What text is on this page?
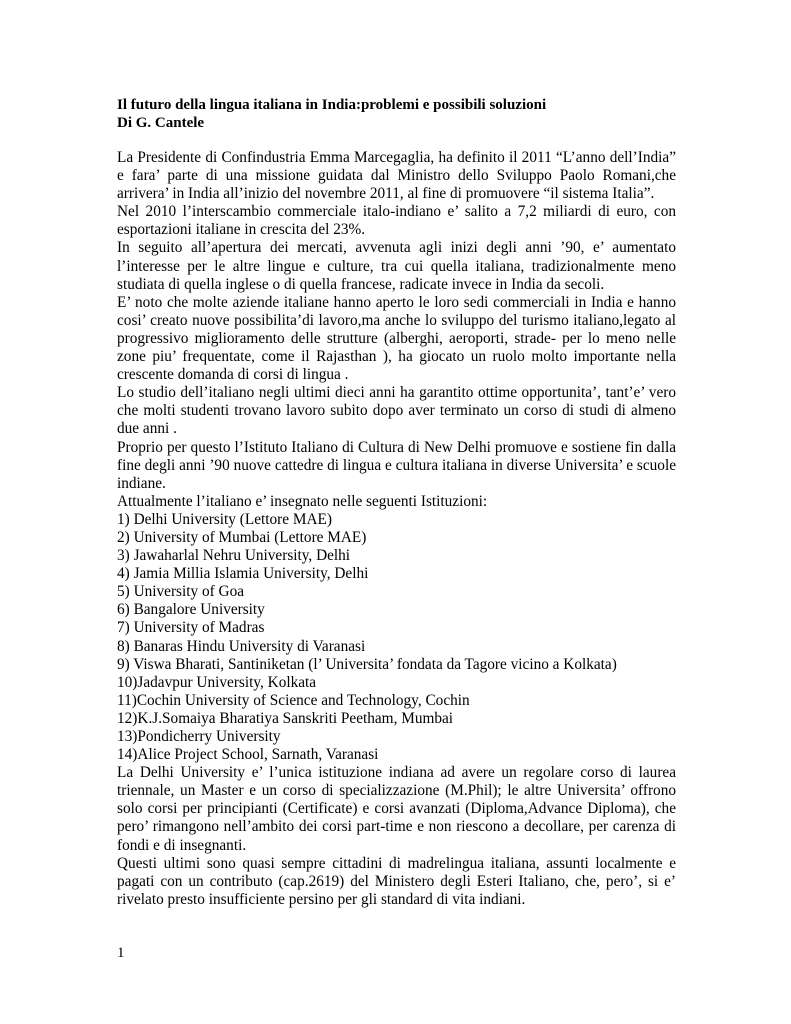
Il futuro della lingua italiana in India:problemi e possibili soluzioni
Di G. Cantele

La Presidente di Confindustria Emma Marcegaglia, ha definito il 2011 “L’anno dell’India” e fara’ parte di una missione guidata dal Ministro dello Sviluppo Paolo Romani,che arrivera’ in India all’inizio del novembre 2011, al fine di promuovere “il sistema Italia”.

Nel 2010 l’interscambio commerciale italo-indiano e’ salito a 7,2 miliardi di euro, con esportazioni italiane in crescita del 23%.

In seguito all’apertura dei mercati, avvenuta agli inizi degli anni ’90, e’ aumentato l’interesse per le altre lingue e culture, tra cui quella italiana, tradizionalmente meno studiata di quella inglese o di quella francese, radicate invece in India da secoli.

E’ noto che molte aziende italiane hanno aperto le loro sedi commerciali in India e hanno cosi’ creato nuove possibilita’di lavoro,ma anche lo sviluppo del turismo italiano,legato al progressivo miglioramento delle strutture (alberghi, aeroporti, strade- per lo meno nelle zone piu’ frequentate, come il Rajasthan ), ha giocato un ruolo molto importante nella crescente domanda di corsi di lingua .

Lo studio dell’italiano negli ultimi dieci anni ha garantito ottime opportunita’, tant’e’ vero che molti studenti trovano lavoro subito dopo aver terminato un corso di studi di almeno due anni .

Proprio per questo l’Istituto Italiano di Cultura di New Delhi promuove e sostiene fin dalla fine degli anni ’90 nuove cattedre di lingua e cultura italiana in diverse Universita’ e scuole indiane.

Attualmente l’italiano e’ insegnato nelle seguenti Istituzioni:

1) Delhi University (Lettore MAE)
2) University of Mumbai (Lettore MAE)
3) Jawaharlal Nehru University, Delhi
4) Jamia Millia Islamia University, Delhi
5) University of Goa
6) Bangalore University
7) University of Madras
8) Banaras Hindu University di Varanasi
9) Viswa Bharati, Santiniketan (l’ Universita’ fondata da Tagore vicino a Kolkata)
10)Jadavpur University, Kolkata
11)Cochin University of Science and Technology, Cochin
12)K.J.Somaiya Bharatiya Sanskriti Peetham, Mumbai
13)Pondicherry University
14)Alice Project School, Sarnath, Varanasi

La Delhi University e’ l’unica istituzione indiana ad avere un regolare corso di laurea triennale, un Master e un corso di specializzazione (M.Phil); le altre Universita’ offrono solo corsi per principianti (Certificate) e corsi avanzati (Diploma,Advance Diploma), che pero’ rimangono nell’ambito dei corsi part-time e non riescono a decollare, per carenza di fondi e di insegnanti.

Questi ultimi sono quasi sempre cittadini di madrelingua italiana, assunti localmente e pagati con un contributo (cap.2619) del Ministero degli Esteri Italiano, che, pero’, si e’ rivelato presto insufficiente persino per gli standard di vita indiani.

1
